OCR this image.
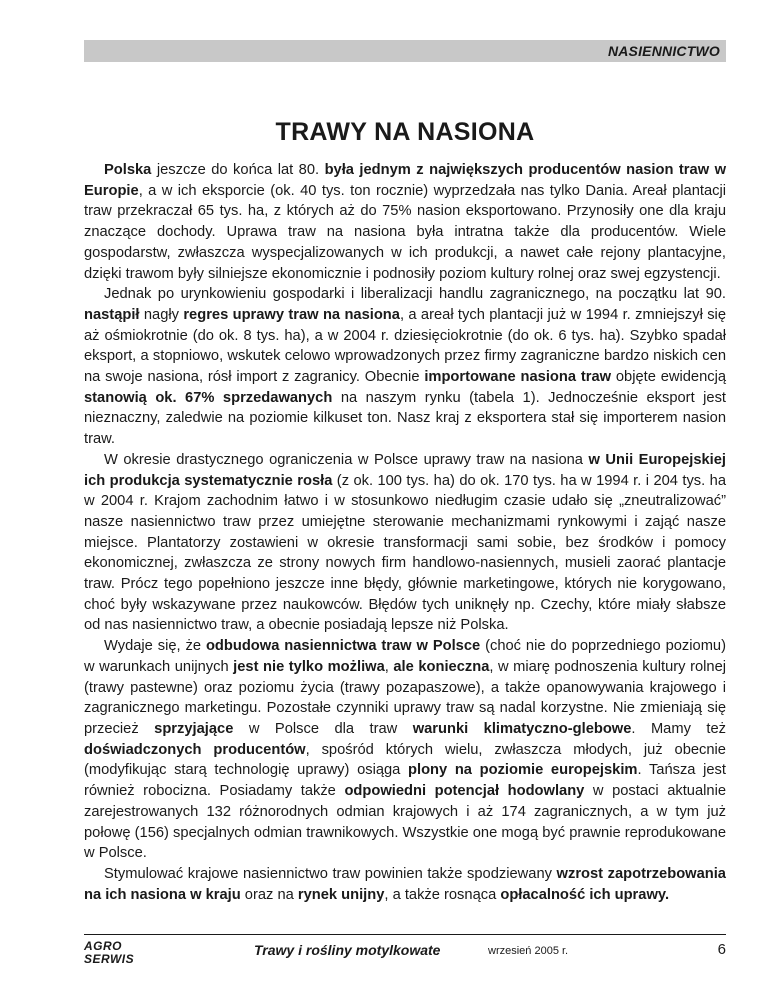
NASIENNICTWO
TRAWY NA NASIONA

Polska jeszcze do końca lat 80. była jednym z największych producentów nasion traw w Europie, a w ich eksporcie (ok. 40 tys. ton rocznie) wyprzedzała nas tylko Dania. Areał plantacji traw przekraczał 65 tys. ha, z których aż do 75% nasion eksportowano. Przynosiły one dla kraju znaczące dochody. Uprawa traw na nasiona była intratna także dla producentów. Wiele gospodarstw, zwłaszcza wyspecjalizowanych w ich produkcji, a nawet całe rejony plantacyjne, dzięki trawom były silniejsze ekonomicznie i podnosiły poziom kultury rolnej oraz swej egzystencji.

Jednak po urynkowieniu gospodarki i liberalizacji handlu zagranicznego, na początku lat 90. nastąpił nagły regres uprawy traw na nasiona, a areał tych plantacji już w 1994 r. zmniejszył się aż ośmiokrotnie (do ok. 8 tys. ha), a w 2004 r. dziesięciokrotnie (do ok. 6 tys. ha). Szybko spadał eksport, a stopniowo, wskutek celowo wprowadzonych przez firmy zagraniczne bardzo niskich cen na swoje nasiona, rósł import z zagranicy. Obecnie importowane nasiona traw objęte ewidencją stanowią ok. 67% sprzedawanych na naszym rynku (tabela 1). Jednocześnie eksport jest nieznaczny, zaledwie na poziomie kilkuset ton. Nasz kraj z eksportera stał się importerem nasion traw.

W okresie drastycznego ograniczenia w Polsce uprawy traw na nasiona w Unii Europejskiej ich produkcja systematycznie rosła (z ok. 100 tys. ha) do ok. 170 tys. ha w 1994 r. i 204 tys. ha w 2004 r. Krajom zachodnim łatwo i w stosunkowo niedługim czasie udało się „zneutralizować” nasze nasiennictwo traw przez umiejętne sterowanie mechanizmami rynkowymi i zająć nasze miejsce. Plantatorzy zostawieni w okresie transformacji sami sobie, bez środków i pomocy ekonomicznej, zwłaszcza ze strony nowych firm handlowo-nasiennych, musieli zaorać plantacje traw. Prócz tego popełniono jeszcze inne błędy, głównie marketingowe, których nie korygowano, choć były wskazywane przez naukowców. Błędów tych uniknęły np. Czechy, które miały słabsze od nas nasiennictwo traw, a obecnie posiadają lepsze niż Polska.

Wydaje się, że odbudowa nasiennictwa traw w Polsce (choć nie do poprzedniego poziomu) w warunkach unijnych jest nie tylko możliwa, ale konieczna, w miarę podnoszenia kultury rolnej (trawy pastewne) oraz poziomu życia (trawy pozapaszowe), a także opanowywania krajowego i zagranicznego marketingu. Pozostałe czynniki uprawy traw są nadal korzystne. Nie zmieniają się przecież sprzyjające w Polsce dla traw warunki klimatyczno-glebowe. Mamy też doświadczonych producentów, spośród których wielu, zwłaszcza młodych, już obecnie (modyfikując starą technologię uprawy) osiąga plony na poziomie europejskim. Tańsza jest również robocizna. Posiadamy także odpowiedni potencjał hodowlany w postaci aktualnie zarejestrowanych 132 różnorodnych odmian krajowych i aż 174 zagranicznych, a w tym już połowę (156) specjalnych odmian trawnikowych. Wszystkie one mogą być prawnie reprodukowane w Polsce.

Stymulować krajowe nasiennictwo traw powinien także spodziewany wzrost zapotrzebowania na ich nasiona w kraju oraz na rynek unijny, a także rosnąca opłacalność ich uprawy.

AGRO
SERWIS
Trawy i rośliny motylkowate	wrzesień 2005 r.	6
